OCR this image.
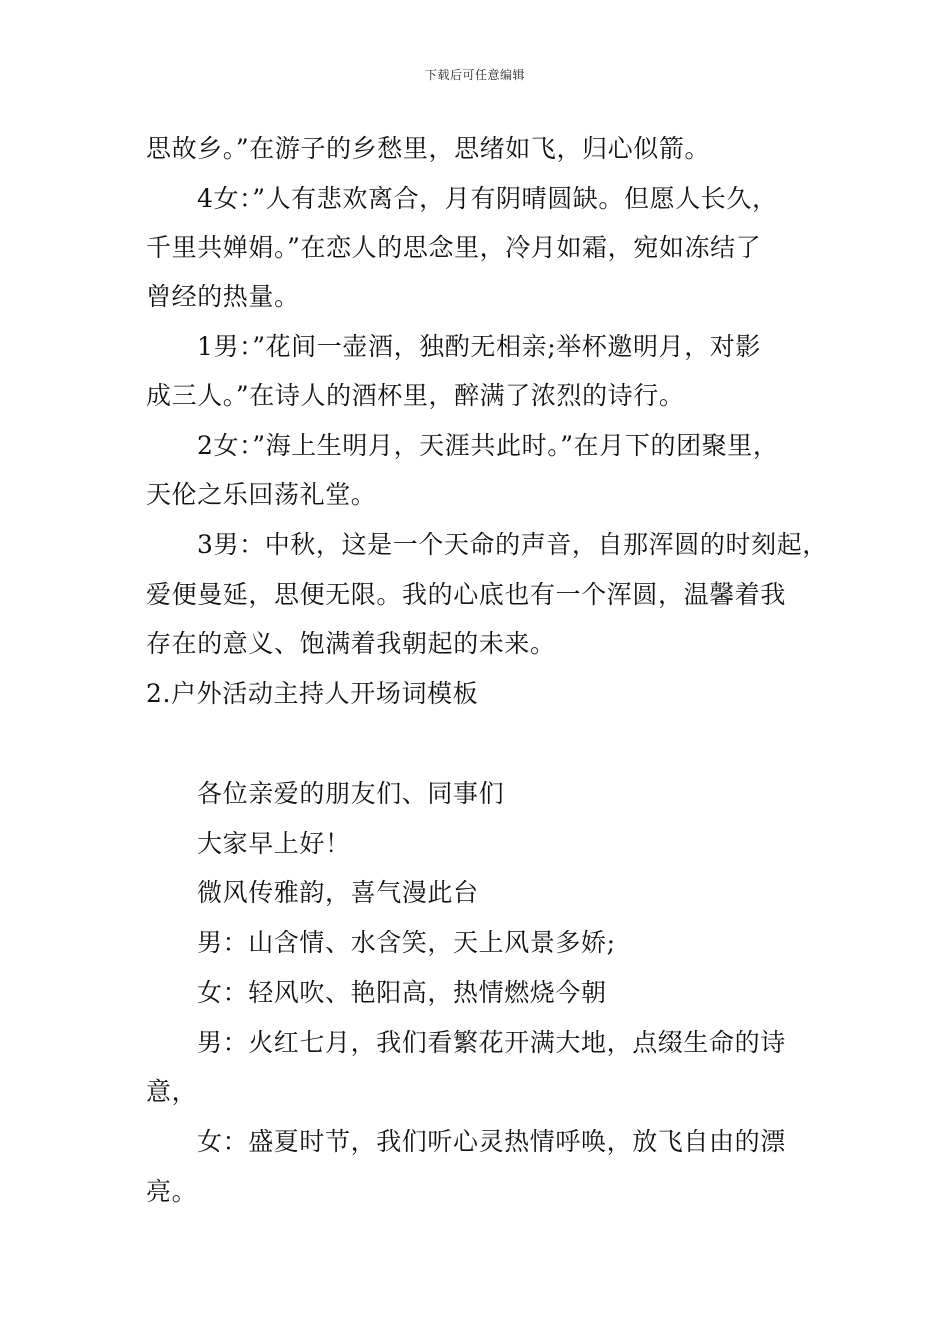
下载后可任意编辑
思故乡。”在游子的乡愁里，思绪如飞，归心似箭。
4女：”人有悲欢离合，月有阴晴圆缺。但愿人长久，
千里共婵娟。”在恋人的思念里，冷月如霜，宛如冻结了
曾经的热量。
1男：”花间一壶酒，独酌无相亲;举杯邀明月，对影
成三人。”在诗人的酒杯里，醉满了浓烈的诗行。
2女：”海上生明月，天涯共此时。”在月下的团聚里，
天伦之乐回荡礼堂。
3男：中秋，这是一个天命的声音，自那浑圆的时刻起，
爱便曼延，思便无限。我的心底也有一个浑圆，温馨着我
存在的意义、饱满着我朝起的未来。
2.户外活动主持人开场词模板
各位亲爱的朋友们、同事们
大家早上好！
微风传雅韵，喜气漫此台
男：山含情、水含笑，天上风景多娇;
女：轻风吹、艳阳高，热情燃烧今朝
男：火红七月，我们看繁花开满大地，点缀生命的诗
意，
女：盛夏时节，我们听心灵热情呼唤，放飞自由的漂
亮。
